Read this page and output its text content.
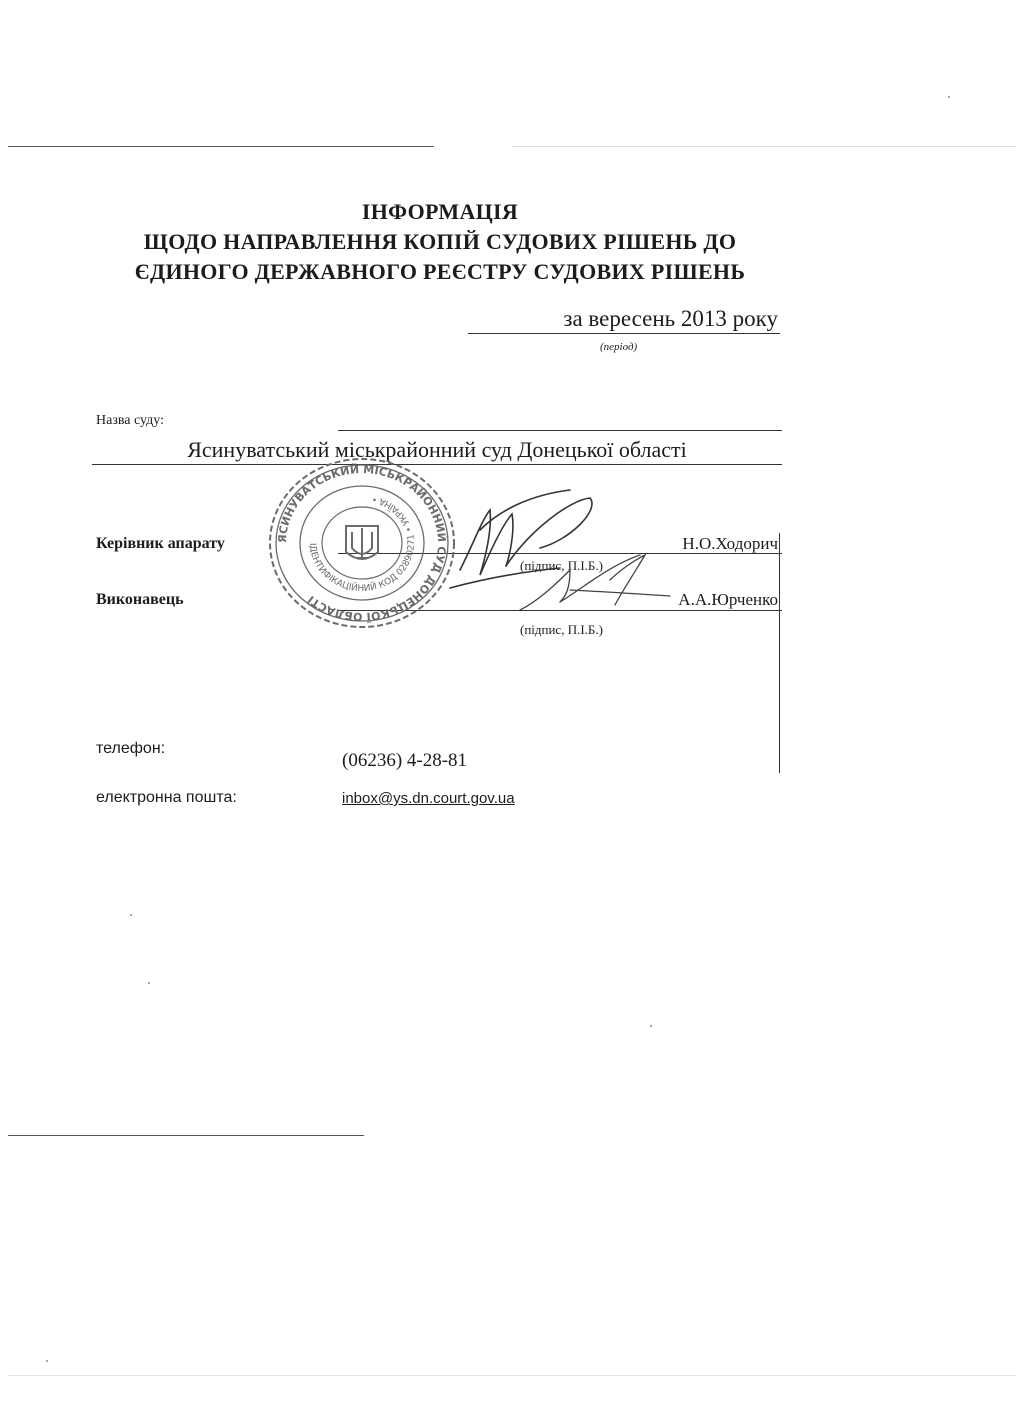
ІНФОРМАЦІЯ
ЩОДО НАПРАВЛЕННЯ КОПІЙ СУДОВИХ РІШЕНЬ ДО
ЄДИНОГО ДЕРЖАВНОГО РЕЄСТРУ СУДОВИХ РІШЕНЬ
за вересень 2013 року
(період)
Назва суду:
Ясинуватський міськрайонний суд Донецької області
Керівник апарату	Н.О.Ходорич
(підпис, П.І.Б.)
Виконавець	А.А.Юрченко
(підпис, П.І.Б.)
телефон:
(06236) 4-28-81
електронна пошта:	inbox@ys.dn.court.gov.ua
ЯСИНУВАТСЬКИЙ МІСЬКРАЙОННИЙ СУД ДОНЕЦЬКОЇ ОБЛАСТІ
ІДЕНТИФІКАЦІЙНИЙ КОД 02890271 • УКРАЇНА •
